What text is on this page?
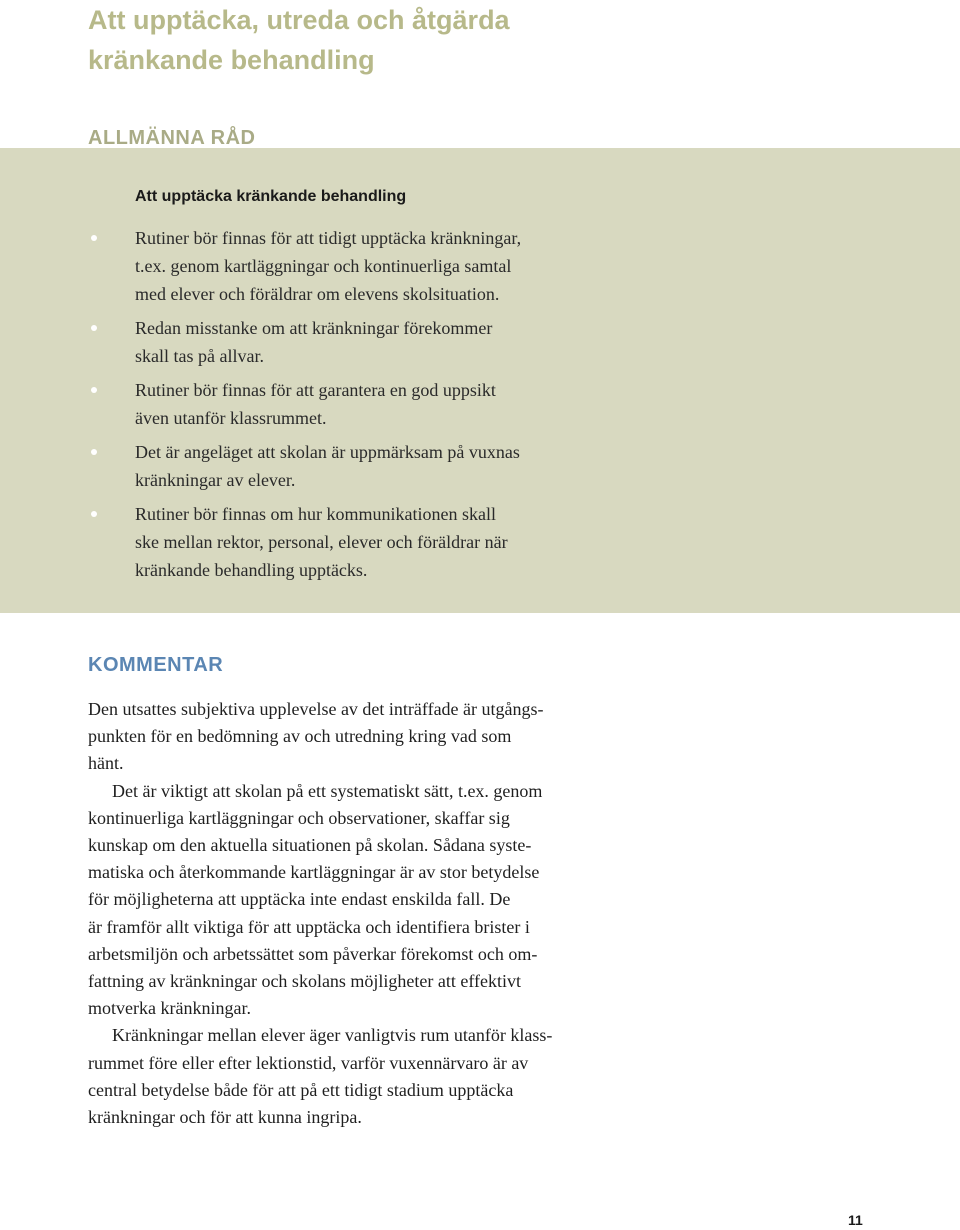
Att upptäcka, utreda och åtgärda
kränkande behandling
ALLMÄNNA RÅD
Att upptäcka kränkande behandling
Rutiner bör finnas för att tidigt upptäcka kränkningar,
t.ex. genom kartläggningar och kontinuerliga samtal
med elever och föräldrar om elevens skolsituation.
Redan misstanke om att kränkningar förekommer
skall tas på allvar.
Rutiner bör finnas för att garantera en god uppsikt
även utanför klassrummet.
Det är angeläget att skolan är uppmärksam på vuxnas
kränkningar av elever.
Rutiner bör finnas om hur kommunikationen skall
ske mellan rektor, personal, elever och föräldrar när
kränkande behandling upptäcks.
KOMMENTAR
Den utsattes subjektiva upplevelse av det inträffade är utgångs-
punkten för en bedömning av och utredning kring vad som
hänt.
Det är viktigt att skolan på ett systematiskt sätt, t.ex. genom
kontinuerliga kartläggningar och observationer, skaffar sig
kunskap om den aktuella situationen på skolan. Sådana syste-
matiska och återkommande kartläggningar är av stor betydelse
för möjligheterna att upptäcka inte endast enskilda fall. De
är framför allt viktiga för att upptäcka och identifiera brister i
arbetsmiljön och arbetssättet som påverkar förekomst och om-
fattning av kränkningar och skolans möjligheter att effektivt
motverka kränkningar.
Kränkningar mellan elever äger vanligtvis rum utanför klass-
rummet före eller efter lektionstid, varför vuxennärvaro är av
central betydelse både för att på ett tidigt stadium upptäcka
kränkningar och för att kunna ingripa.
11
